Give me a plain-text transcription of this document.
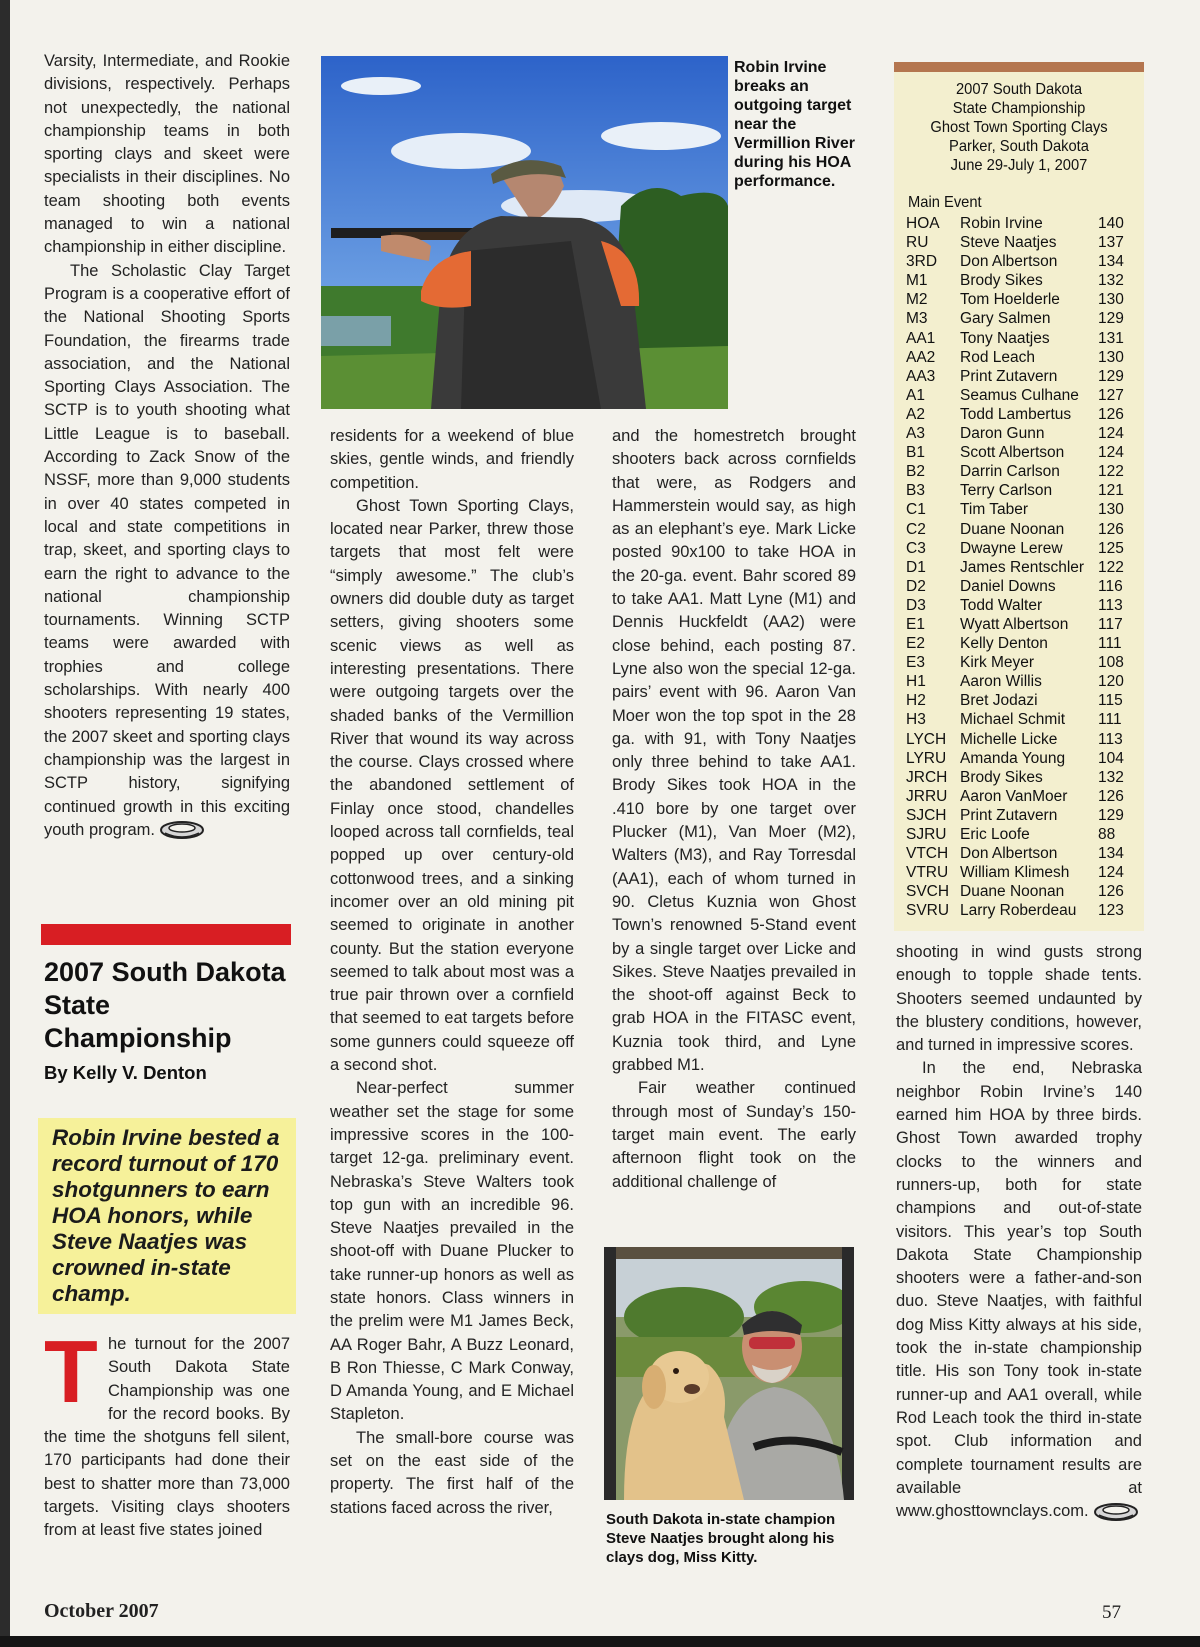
Varsity, Intermediate, and Rookie divisions, respectively. Perhaps not unexpectedly, the national championship teams in both sporting clays and skeet were specialists in their disciplines. No team shooting both events managed to win a national championship in either discipline.

The Scholastic Clay Target Program is a cooperative effort of the National Shooting Sports Foundation, the firearms trade association, and the National Sporting Clays Association. The SCTP is to youth shooting what Little League is to baseball. According to Zack Snow of the NSSF, more than 9,000 students in over 40 states competed in local and state competitions in trap, skeet, and sporting clays to earn the right to advance to the national championship tournaments. Winning SCTP teams were awarded with trophies and college scholarships. With nearly 400 shooters representing 19 states, the 2007 skeet and sporting clays championship was the largest in SCTP history, signifying continued growth in this exciting youth program.

2007 South Dakota State Championship
By Kelly V. Denton
Robin Irvine bested a record turnout of 170 shotgunners to earn HOA honors, while Steve Naatjes was crowned in-state champ.

T he turnout for the 2007 South Dakota State Championship was one for the record books. By the time the shotguns fell silent, 170 participants had done their best to shatter more than 73,000 targets. Visiting clays shooters from at least five states joined

Robin Irvine breaks an outgoing target near the Vermillion River during his HOA performance.

residents for a weekend of blue skies, gentle winds, and friendly competition.

Ghost Town Sporting Clays, located near Parker, threw those targets that most felt were “simply awesome.” The club’s owners did double duty as target setters, giving shooters some scenic views as well as interesting presentations. There were outgoing targets over the shaded banks of the Vermillion River that wound its way across the course. Clays crossed where the abandoned settlement of Finlay once stood, chandelles looped across tall cornfields, teal popped up over century-old cottonwood trees, and a sinking incomer over an old mining pit seemed to originate in another county. But the station everyone seemed to talk about most was a true pair thrown over a cornfield that seemed to eat targets before some gunners could squeeze off a second shot.

Near-perfect summer weather set the stage for some impressive scores in the 100-target 12-ga. preliminary event. Nebraska’s Steve Walters took top gun with an incredible 96. Steve Naatjes prevailed in the shoot-off with Duane Plucker to take runner-up honors as well as state honors. Class winners in the prelim were M1 James Beck, AA Roger Bahr, A Buzz Leonard, B Ron Thiesse, C Mark Conway, D Amanda Young, and E Michael Stapleton.

The small-bore course was set on the east side of the property. The first half of the stations faced across the river,

and the homestretch brought shooters back across cornfields that were, as Rodgers and Hammerstein would say, as high as an elephant’s eye. Mark Licke posted 90x100 to take HOA in the 20-ga. event. Bahr scored 89 to take AA1. Matt Lyne (M1) and Dennis Huckfeldt (AA2) were close behind, each posting 87. Lyne also won the special 12-ga. pairs’ event with 96. Aaron Van Moer won the top spot in the 28 ga. with 91, with Tony Naatjes only three behind to take AA1. Brody Sikes took HOA in the .410 bore by one target over Plucker (M1), Van Moer (M2), Walters (M3), and Ray Torresdal (AA1), each of whom turned in 90. Cletus Kuznia won Ghost Town’s renowned 5-Stand event by a single target over Licke and Sikes. Steve Naatjes prevailed in the shoot-off against Beck to grab HOA in the FITASC event, Kuznia took third, and Lyne grabbed M1.

Fair weather continued through most of Sunday’s 150-target main event. The early afternoon flight took on the additional challenge of

South Dakota in-state champion Steve Naatjes brought along his clays dog, Miss Kitty.
2007 South Dakota
State Championship
Ghost Town Sporting Clays
Parker, South Dakota
June 29-July 1, 2007
Main Event
HOA	Robin Irvine	140
RU	Steve Naatjes	137
3RD	Don Albertson	134
M1	Brody Sikes	132
M2	Tom Hoelderle	130
M3	Gary Salmen	129
AA1	Tony Naatjes	131
AA2	Rod Leach	130
AA3	Print Zutavern	129
A1	Seamus Culhane	127
A2	Todd Lambertus	126
A3	Daron Gunn	124
B1	Scott Albertson	124
B2	Darrin Carlson	122
B3	Terry Carlson	121
C1	Tim Taber	130
C2	Duane Noonan	126
C3	Dwayne Lerew	125
D1	James Rentschler	122
D2	Daniel Downs	116
D3	Todd Walter	113
E1	Wyatt Albertson	117
E2	Kelly Denton	111
E3	Kirk Meyer	108
H1	Aaron Willis	120
H2	Bret Jodazi	115
H3	Michael Schmit	111
LYCH	Michelle Licke	113
LYRU	Amanda Young	104
JRCH	Brody Sikes	132
JRRU	Aaron VanMoer	126
SJCH	Print Zutavern	129
SJRU	Eric Loofe	88
VTCH	Don Albertson	134
VTRU	William Klimesh	124
SVCH	Duane Noonan	126
SVRU	Larry Roberdeau	123

shooting in wind gusts strong enough to topple shade tents. Shooters seemed undaunted by the blustery conditions, however, and turned in impressive scores.

In the end, Nebraska neighbor Robin Irvine’s 140 earned him HOA by three birds. Ghost Town awarded trophy clocks to the winners and runners-up, both for state champions and out-of-state visitors. This year’s top South Dakota State Championship shooters were a father-and-son duo. Steve Naatjes, with faithful dog Miss Kitty always at his side, took the in-state championship title. His son Tony took in-state runner-up and AA1 overall, while Rod Leach took the third in-state spot. Club information and complete tournament results are available at www.ghosttownclays.com.

October 2007	57
